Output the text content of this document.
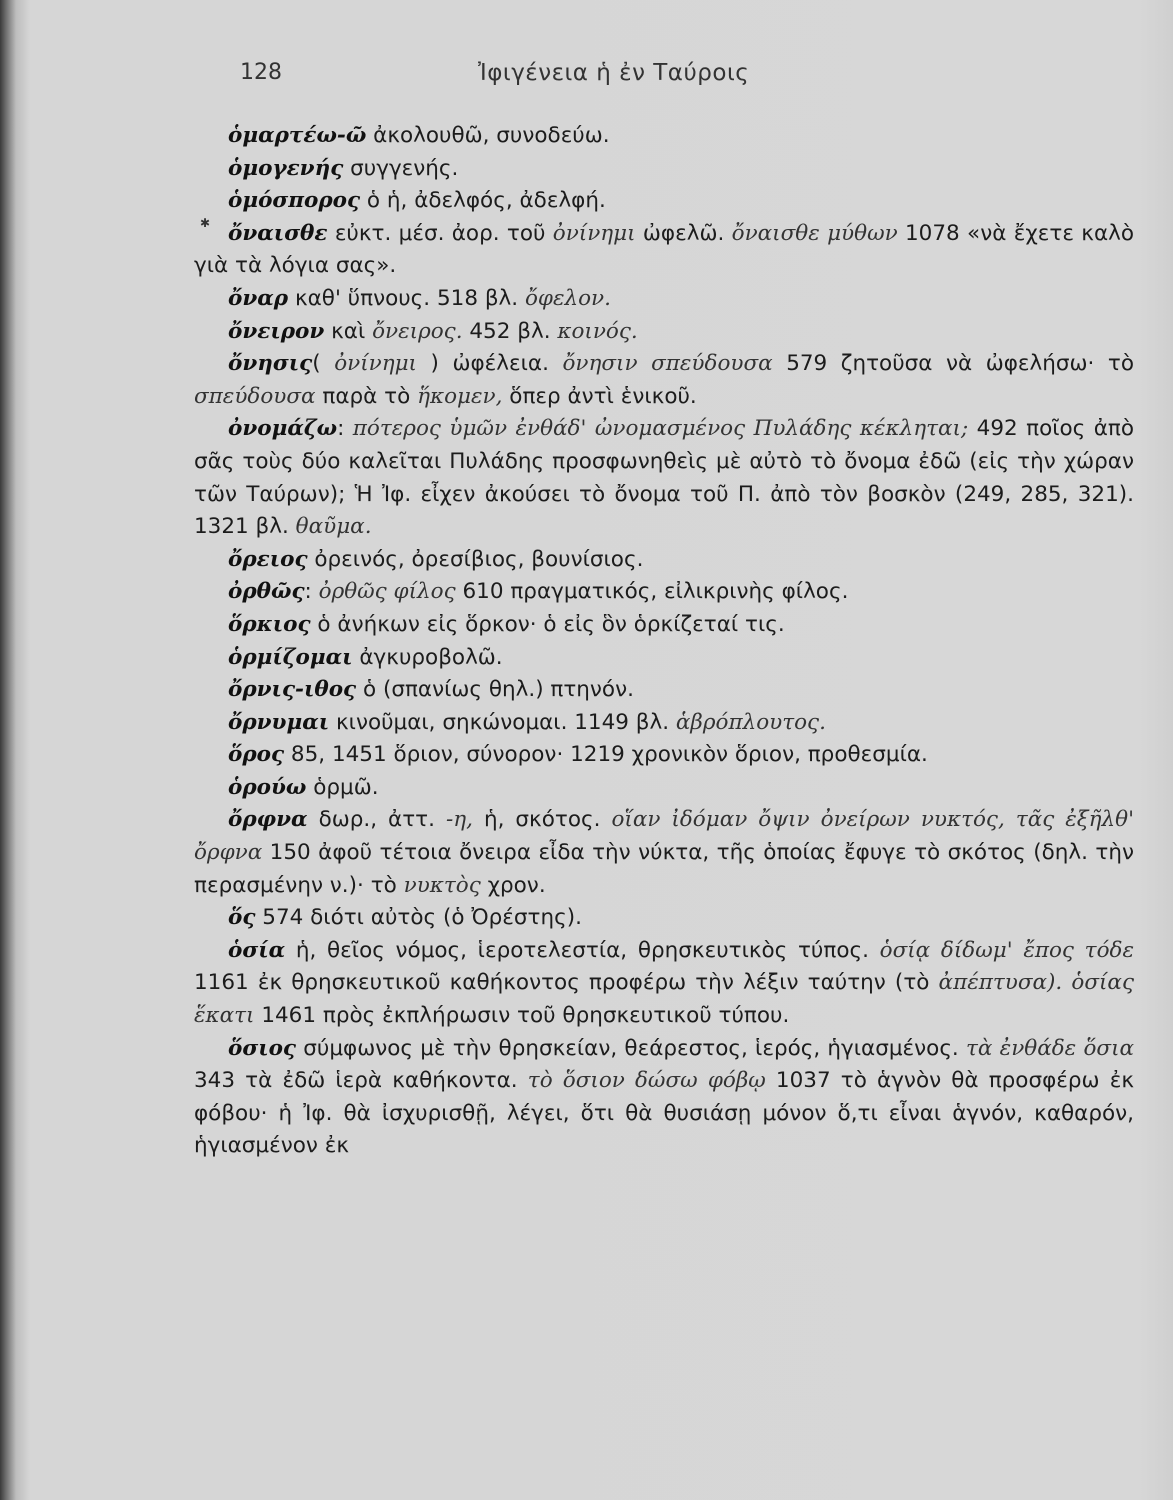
128	Ἰφιγένεια ἡ ἐν Ταύροις
✱
ὁμαρτέω-ῶ ἀκολουθῶ, συνοδεύω.
ὁμογενής συγγενής.
ὁμόσπορος ὁ ἡ, ἀδελφός, ἀδελφή.
ὄναισθε εὐκτ. μέσ. ἀορ. τοῦ ὀνίνημι ὠφελῶ. ὄναισθε μύθων 1078 «νὰ ἔχετε καλὸ γιὰ τὰ λόγια σας».
ὄναρ καθ' ὕπνους. 518 βλ. ὄφελον.
ὄνειρον καὶ ὄνειρος. 452 βλ. κοινός.
ὄνησις( ὀνίνημι ) ὠφέλεια. ὄνησιν σπεύδουσα 579 ζητοῦσα νὰ ὠφελήσω· τὸ σπεύδουσα παρὰ τὸ ἥκομεν, ὅπερ ἀντὶ ἑνικοῦ.
ὀνομάζω: πότερος ὑμῶν ἐνθάδ' ὠνομασμένος Πυλάδης κέκληται; 492 ποῖος ἀπὸ σᾶς τοὺς δύο καλεῖται Πυλάδης προσφωνηθεὶς μὲ αὐτὸ τὸ ὄνομα ἐδῶ (εἰς τὴν χώραν τῶν Ταύρων); Ἡ Ἰφ. εἶχεν ἀκούσει τὸ ὄνομα τοῦ Π. ἀπὸ τὸν βοσκὸν (249, 285, 321). 1321 βλ. θαῦμα.
ὄρειος ὀρεινός, ὀρεσίβιος, βουνίσιος.
ὀρθῶς: ὀρθῶς φίλος 610 πραγματικός, εἰλικρινὴς φίλος.
ὅρκιος ὁ ἀνήκων εἰς ὅρκον· ὁ εἰς ὃν ὁρκίζεταί τις.
ὁρμίζομαι ἀγκυροβολῶ.
ὄρνις-ιθος ὁ (σπανίως θηλ.) πτηνόν.
ὄρνυμαι κινοῦμαι, σηκώνομαι. 1149 βλ. ἁβρόπλουτος.
ὅρος 85, 1451 ὅριον, σύνορον· 1219 χρονικὸν ὅριον, προθεσμία.
ὁρούω ὁρμῶ.
ὄρφνα δωρ., ἀττ. -η, ἡ, σκότος. οἵαν ἰδόμαν ὄψιν ὀνείρων νυκτός, τᾶς ἐξῆλθ' ὄρφνα 150 ἀφοῦ τέτοια ὄνειρα εἶδα τὴν νύκτα, τῆς ὁποίας ἔφυγε τὸ σκότος (δηλ. τὴν περασμένην ν.)· τὸ νυκτὸς χρον.
ὅς 574 διότι αὐτὸς (ὁ Ὀρέστης).
ὁσία ἡ, θεῖος νόμος, ἱεροτελεστία, θρησκευτικὸς τύπος. ὁσίᾳ δίδωμ' ἔπος τόδε 1161 ἐκ θρησκευτικοῦ καθήκοντος προφέρω τὴν λέξιν ταύτην (τὸ ἀπέπτυσα). ὁσίας ἕκατι 1461 πρὸς ἐκπλήρωσιν τοῦ θρησκευτικοῦ τύπου.
ὅσιος σύμφωνος μὲ τὴν θρησκείαν, θεάρεστος, ἱερός, ἡγιασμένος. τὰ ἐνθάδε ὅσια 343 τὰ ἐδῶ ἱερὰ καθήκοντα. τὸ ὅσιον δώσω φόβῳ 1037 τὸ ἁγνὸν θὰ προσφέρω ἐκ φόβου· ἡ Ἰφ. θὰ ἰσχυρισθῇ, λέγει, ὅτι θὰ θυσιάσῃ μόνον ὅ,τι εἶναι ἁγνόν, καθαρόν, ἡγιασμένον ἐκ
